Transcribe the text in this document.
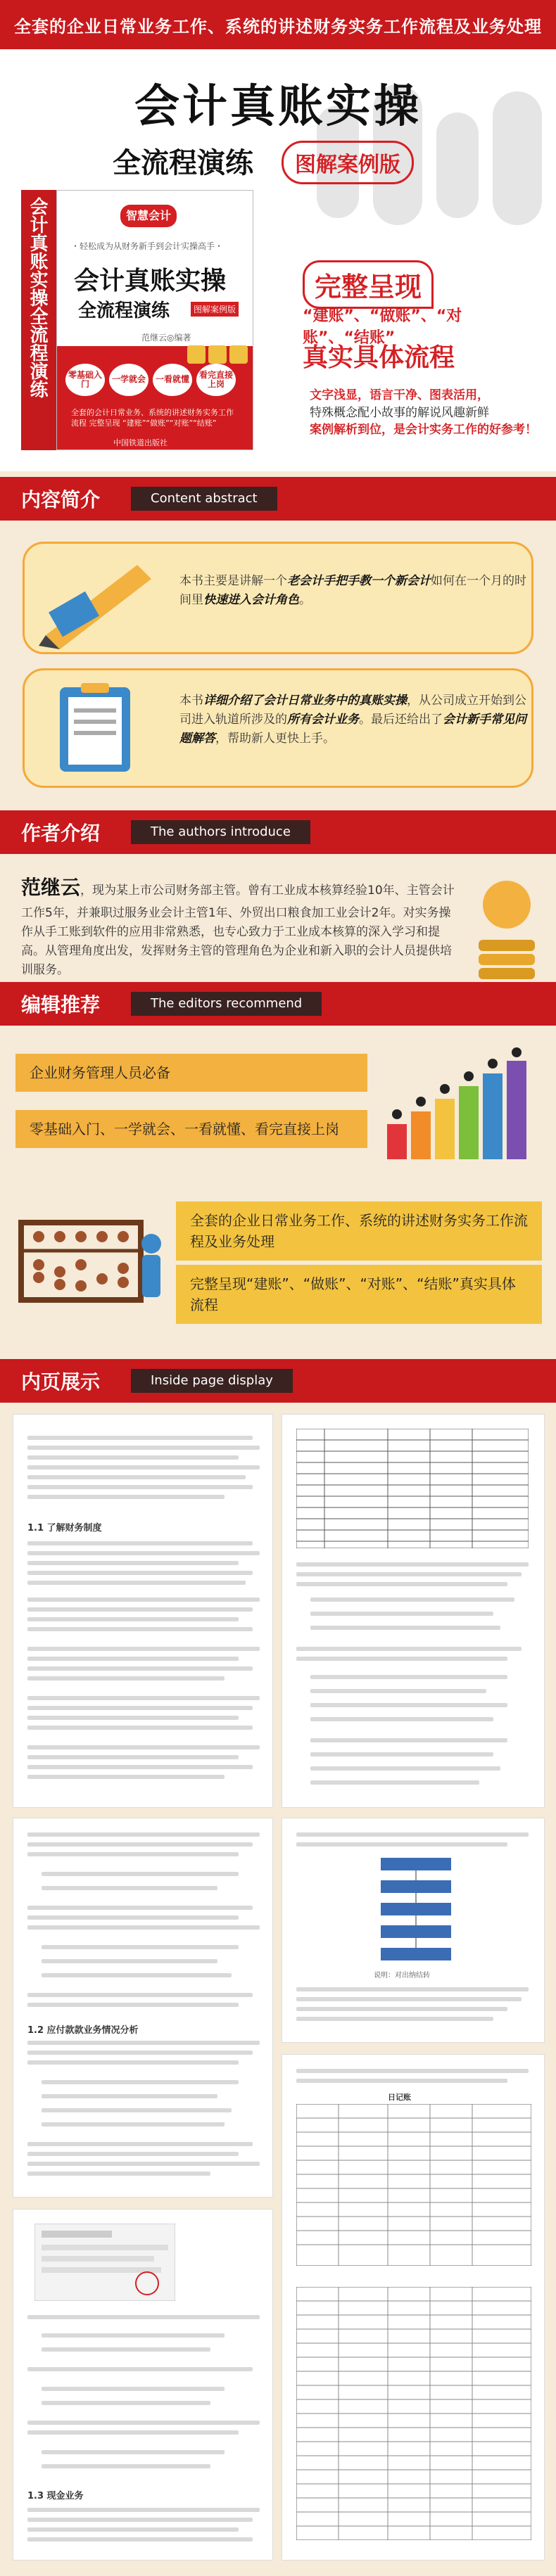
全套的企业日常业务工作、系统的讲述财务实务工作流程及业务处理
会计真账实操
全流程演练	图解案例版
会计真账实操全流程演练	智慧会计
・轻松成为从财务新手到会计实操高手・
会计真账实操
全流程演练	图解案例版
范继云◎编著
零基础入门	一学就会	一看就懂	看完直接上岗
全套的会计日常业务、系统的讲述财务实务工作流程 完整呈现 “建账”“做账”“对账”“结账”
中国铁道出版社
完整呈现
“建账”、“做账”、“对账”、“结账”
真实具体流程
文字浅显，语言干净、图表活用，
特殊概念配小故事的解说风趣新鲜
案例解析到位，是会计实务工作的好参考！
内容简介	Content abstract
本书主要是讲解一个老会计手把手教一个新会计如何在一个月的时间里快速进入会计角色。
本书详细介绍了会计日常业务中的真账实操，从公司成立开始到公司进入轨道所涉及的所有会计业务。最后还给出了会计新手常见问题解答，帮助新人更快上手。
作者介绍	The authors introduce
范继云，现为某上市公司财务部主管。曾有工业成本核算经验10年、主管会计工作5年，并兼职过服务业会计主管1年、外贸出口粮食加工业会计2年。对实务操作从手工账到软件的应用非常熟悉，也专心致力于工业成本核算的深入学习和提高。从管理角度出发，发挥财务主管的管理角色为企业和新入职的会计人员提供培训服务。
编辑推荐	The editors recommend
企业财务管理人员必备
零基础入门、一学就会、一看就懂、看完直接上岗
全套的企业日常业务工作、系统的讲述财务实务工作流程及业务处理
完整呈现“建账”、“做账”、“对账”、“结账”真实具体流程
内页展示	Inside page display
1.1 了解财务制度
1.2 应付款款业务情况分析
说明：对出纳结转
1.3 现金业务
日记账
